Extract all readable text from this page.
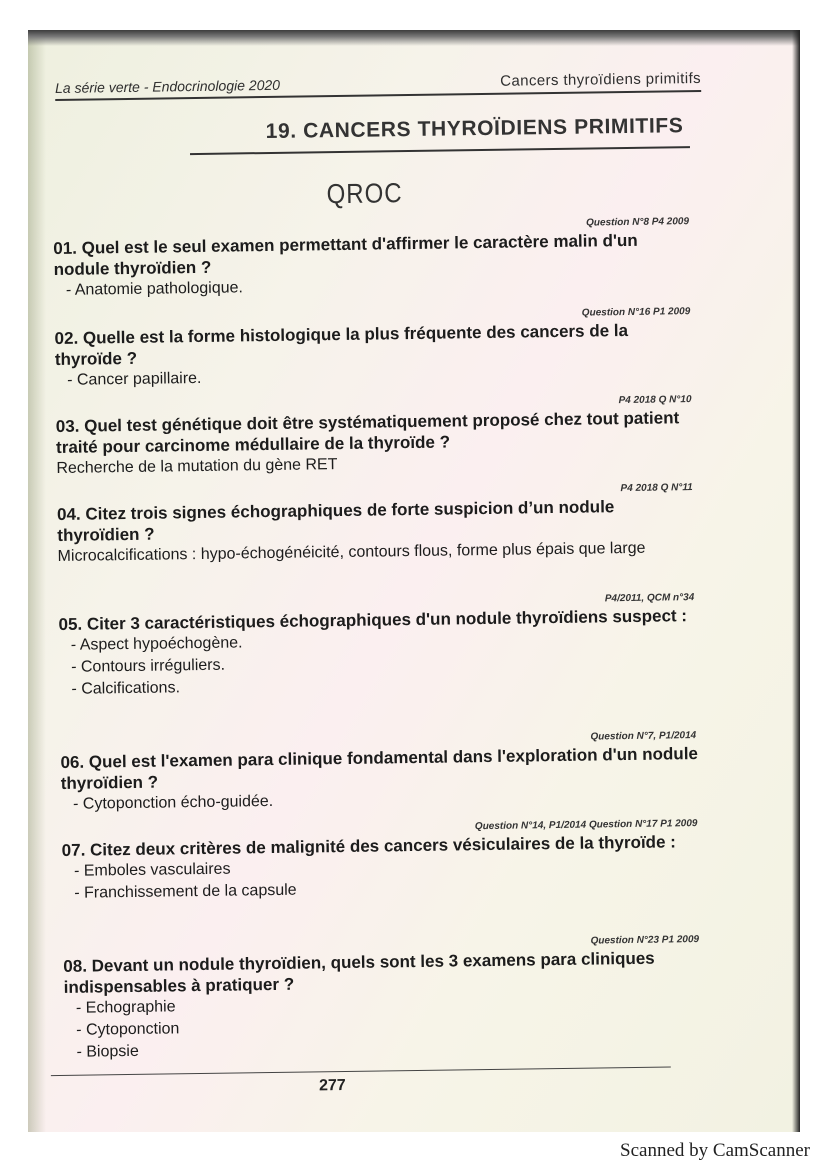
La série verte - Endocrinologie 2020	Cancers thyroïdiens primitifs
19. CANCERS THYROÏDIENS PRIMITIFS
QROC

Question N°8 P4 2009

01. Quel est le seul examen permettant d'affirmer le caractère malin d'un nodule thyroïdien ?

- Anatomie pathologique.

Question N°16 P1 2009

02. Quelle est la forme histologique la plus fréquente des cancers de la thyroïde ?

- Cancer papillaire.

P4 2018 Q N°10

03. Quel test génétique doit être systématiquement proposé chez tout patient traité pour carcinome médullaire de la thyroïde ?

Recherche de la mutation du gène RET

P4 2018 Q N°11

04. Citez trois signes échographiques de forte suspicion d’un nodule thyroïdien ?

Microcalcifications : hypo-échogénéicité, contours flous, forme plus épais que large

P4/2011, QCM n°34

05. Citer 3 caractéristiques échographiques d'un nodule thyroïdiens suspect :

- Aspect hypoéchogène.

- Contours irréguliers.

- Calcifications.

Question N°7, P1/2014

06. Quel est l'examen para clinique fondamental dans l'exploration d'un nodule thyroïdien ?

- Cytoponction écho-guidée.

Question N°14, P1/2014 Question N°17 P1 2009

07. Citez deux critères de malignité des cancers vésiculaires de la thyroïde :

- Emboles vasculaires

- Franchissement de la capsule

Question N°23 P1 2009

08. Devant un nodule thyroïdien, quels sont les 3 examens para cliniques indispensables à pratiquer ?

- Echographie

- Cytoponction

- Biopsie

277
Scanned by CamScanner
